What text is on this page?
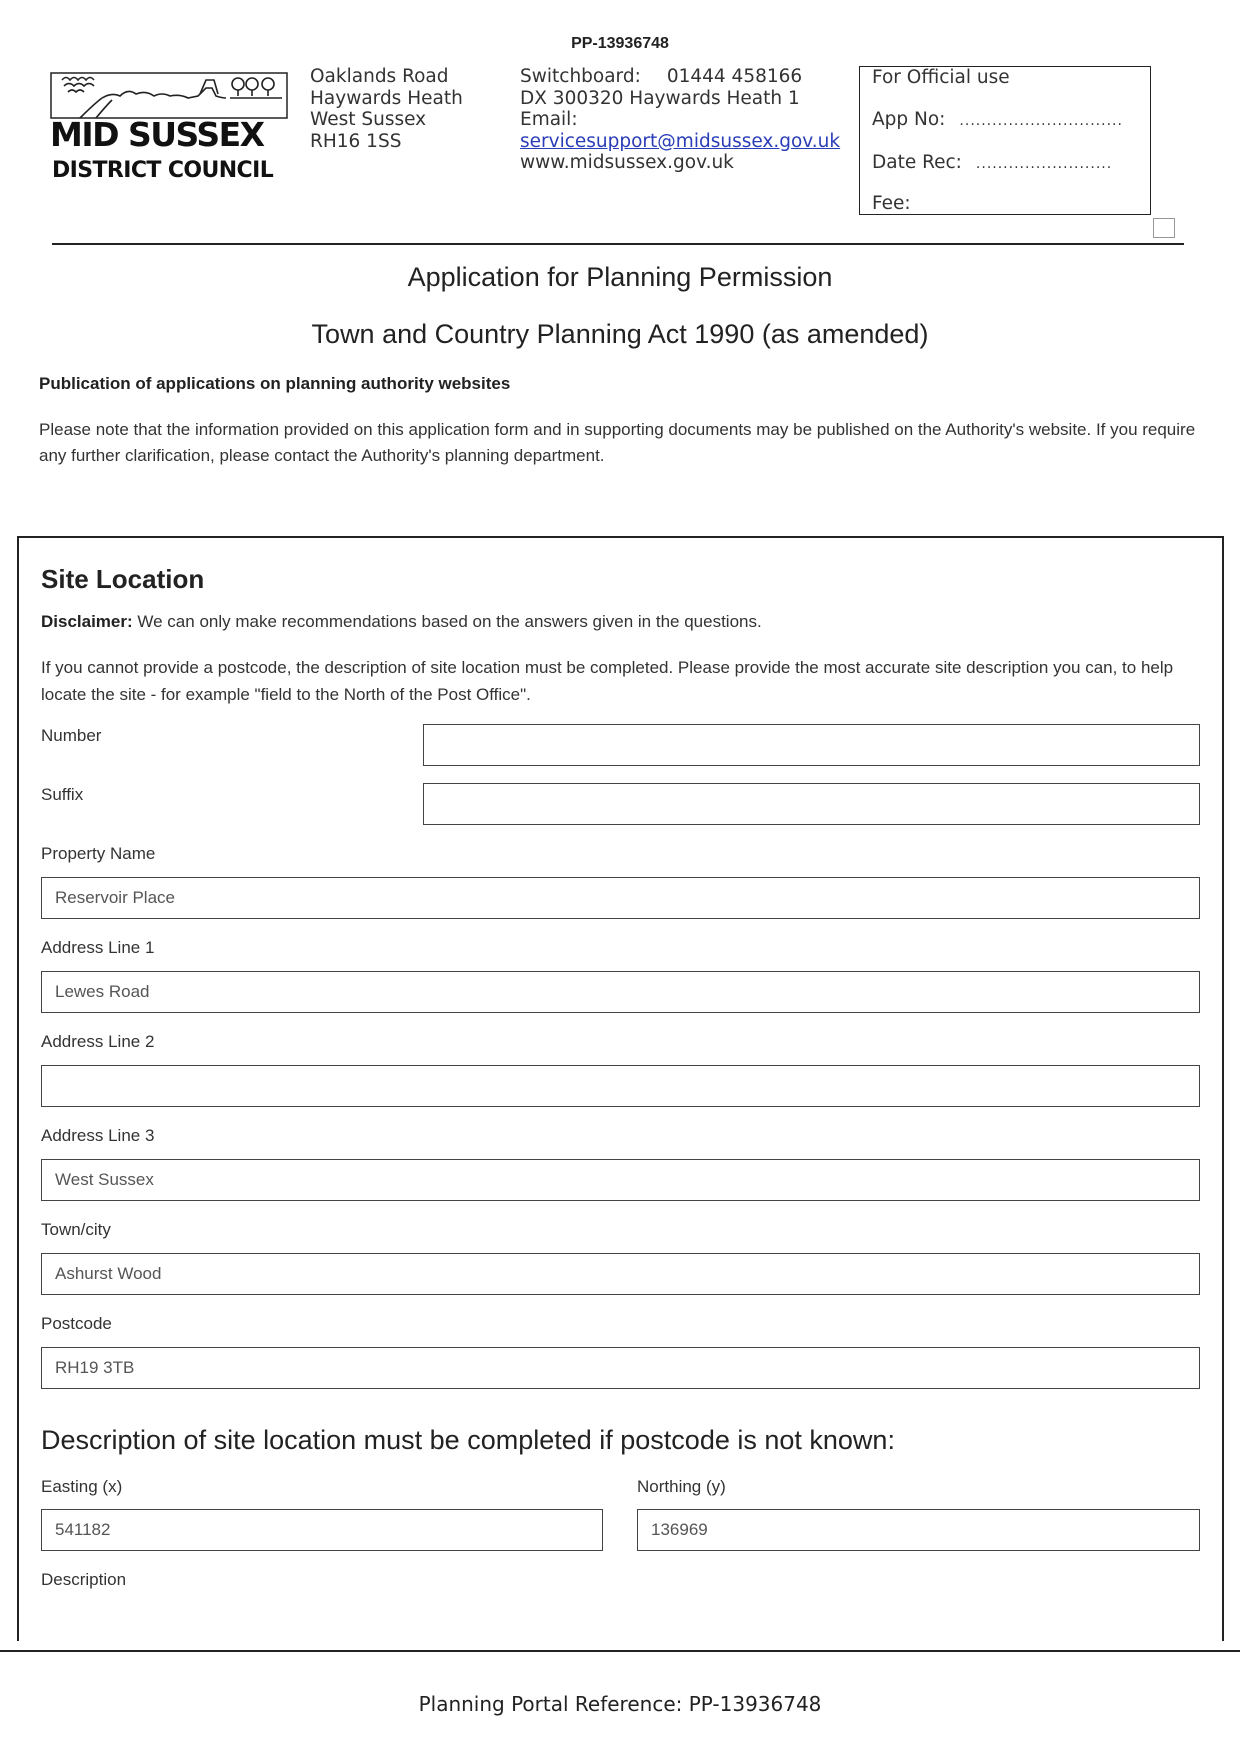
PP-13936748
MID SUSSEX
DISTRICT COUNCIL
Oaklands Road
Haywards Heath
West Sussex
RH16 1SS
Switchboard: 01444 458166
DX 300320 Haywards Heath 1
Email:
servicesupport@midsussex.gov.uk
www.midsussex.gov.uk
For Official use
App No: ..............................
Date Rec: .........................
Fee:
Application for Planning Permission
Town and Country Planning Act 1990 (as amended)
Publication of applications on planning authority websites
Please note that the information provided on this application form and in supporting documents may be published on the Authority's website. If you require any further clarification, please contact the Authority's planning department.
Site Location
Disclaimer: We can only make recommendations based on the answers given in the questions.
If you cannot provide a postcode, the description of site location must be completed. Please provide the most accurate site description you can, to help locate the site - for example "field to the North of the Post Office".
Number
Suffix
Property Name
Reservoir Place
Address Line 1
Lewes Road
Address Line 2
Address Line 3
West Sussex
Town/city
Ashurst Wood
Postcode
RH19 3TB
Description of site location must be completed if postcode is not known:
Easting (x)
541182	Northing (y)
136969
Description
Planning Portal Reference: PP-13936748
